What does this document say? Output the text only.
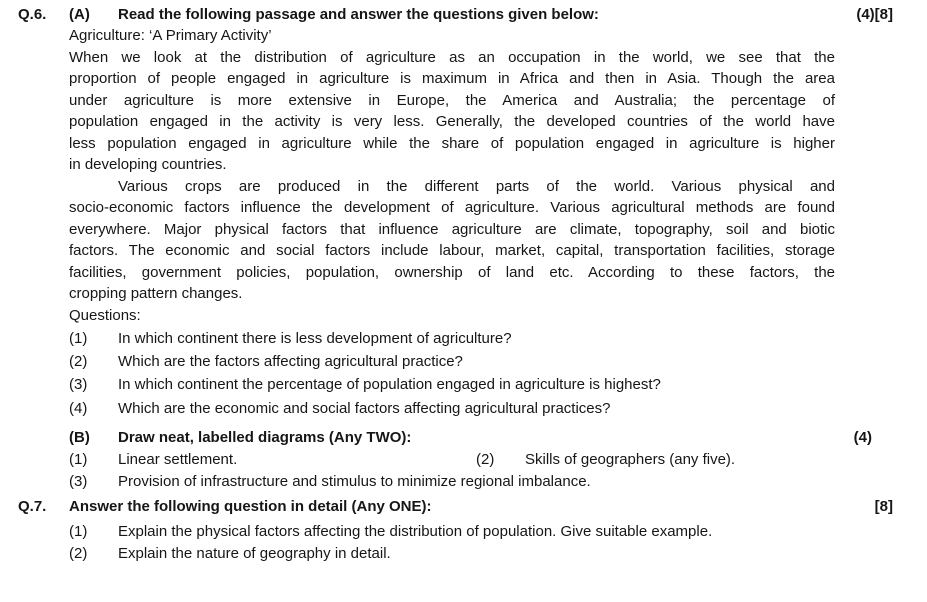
Q.6. (A) Read the following passage and answer the questions given below:	(4)[8]
Agriculture: ‘A Primary Activity’
When we look at the distribution of agriculture as an occupation in the world, we see that the
proportion of people engaged in agriculture is maximum in Africa and then in Asia. Though the area
under agriculture is more extensive in Europe, the America and Australia; the percentage of
population engaged in the activity is very less. Generally, the developed countries of the world have
less population engaged in agriculture while the share of population engaged in agriculture is higher
in developing countries.
Various crops are produced in the different parts of the world. Various physical and
socio-economic factors influence the development of agriculture. Various agricultural methods are found
everywhere. Major physical factors that influence agriculture are climate, topography, soil and biotic
factors. The economic and social factors include labour, market, capital, transportation facilities, storage
facilities, government policies, population, ownership of land etc. According to these factors, the
cropping pattern changes.
Questions:
(1) In which continent there is less development of agriculture?
(2) Which are the factors affecting agricultural practice?
(3) In which continent the percentage of population engaged in agriculture is highest?
(4) Which are the economic and social factors affecting agricultural practices?
(B) Draw neat, labelled diagrams (Any TWO):	(4)
(1) Linear settlement.	(2) Skills of geographers (any five).
(3) Provision of infrastructure and stimulus to minimize regional imbalance.
Q.7. Answer the following question in detail (Any ONE):	[8]
(1) Explain the physical factors affecting the distribution of population. Give suitable example.
(2) Explain the nature of geography in detail.
